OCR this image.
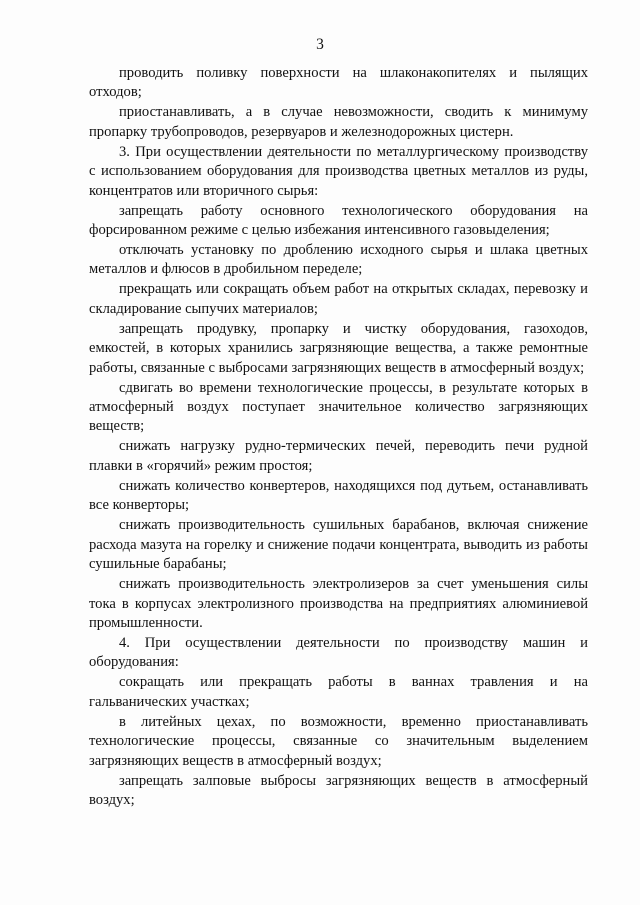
3

проводить поливку поверхности на шлаконакопителях и пылящих отходов;

приостанавливать, а в случае невозможности, сводить к минимуму пропарку трубопроводов, резервуаров и железнодорожных цистерн.

3. При осуществлении деятельности по металлургическому производству с использованием оборудования для производства цветных металлов из руды, концентратов или вторичного сырья:

запрещать работу основного технологического оборудования на форсированном режиме с целью избежания интенсивного газовыделения;

отключать установку по дроблению исходного сырья и шлака цветных металлов и флюсов в дробильном переделе;

прекращать или сокращать объем работ на открытых складах, перевозку и складирование сыпучих материалов;

запрещать продувку, пропарку и чистку оборудования, газоходов, емкостей, в которых хранились загрязняющие вещества, а также ремонтные работы, связанные с выбросами загрязняющих веществ в атмосферный воздух;

сдвигать во времени технологические процессы, в результате которых в атмосферный воздух поступает значительное количество загрязняющих веществ;

снижать нагрузку рудно-термических печей, переводить печи рудной плавки в «горячий» режим простоя;

снижать количество конвертеров, находящихся под дутьем, останавливать все конверторы;

снижать производительность сушильных барабанов, включая снижение расхода мазута на горелку и снижение подачи концентрата, выводить из работы сушильные барабаны;

снижать производительность электролизеров за счет уменьшения силы тока в корпусах электролизного производства на предприятиях алюминиевой промышленности.

4. При осуществлении деятельности по производству машин и оборудования:

сокращать или прекращать работы в ваннах травления и на гальванических участках;

в литейных цехах, по возможности, временно приостанавливать технологические процессы, связанные со значительным выделением загрязняющих веществ в атмосферный воздух;

запрещать залповые выбросы загрязняющих веществ в атмосферный воздух;
